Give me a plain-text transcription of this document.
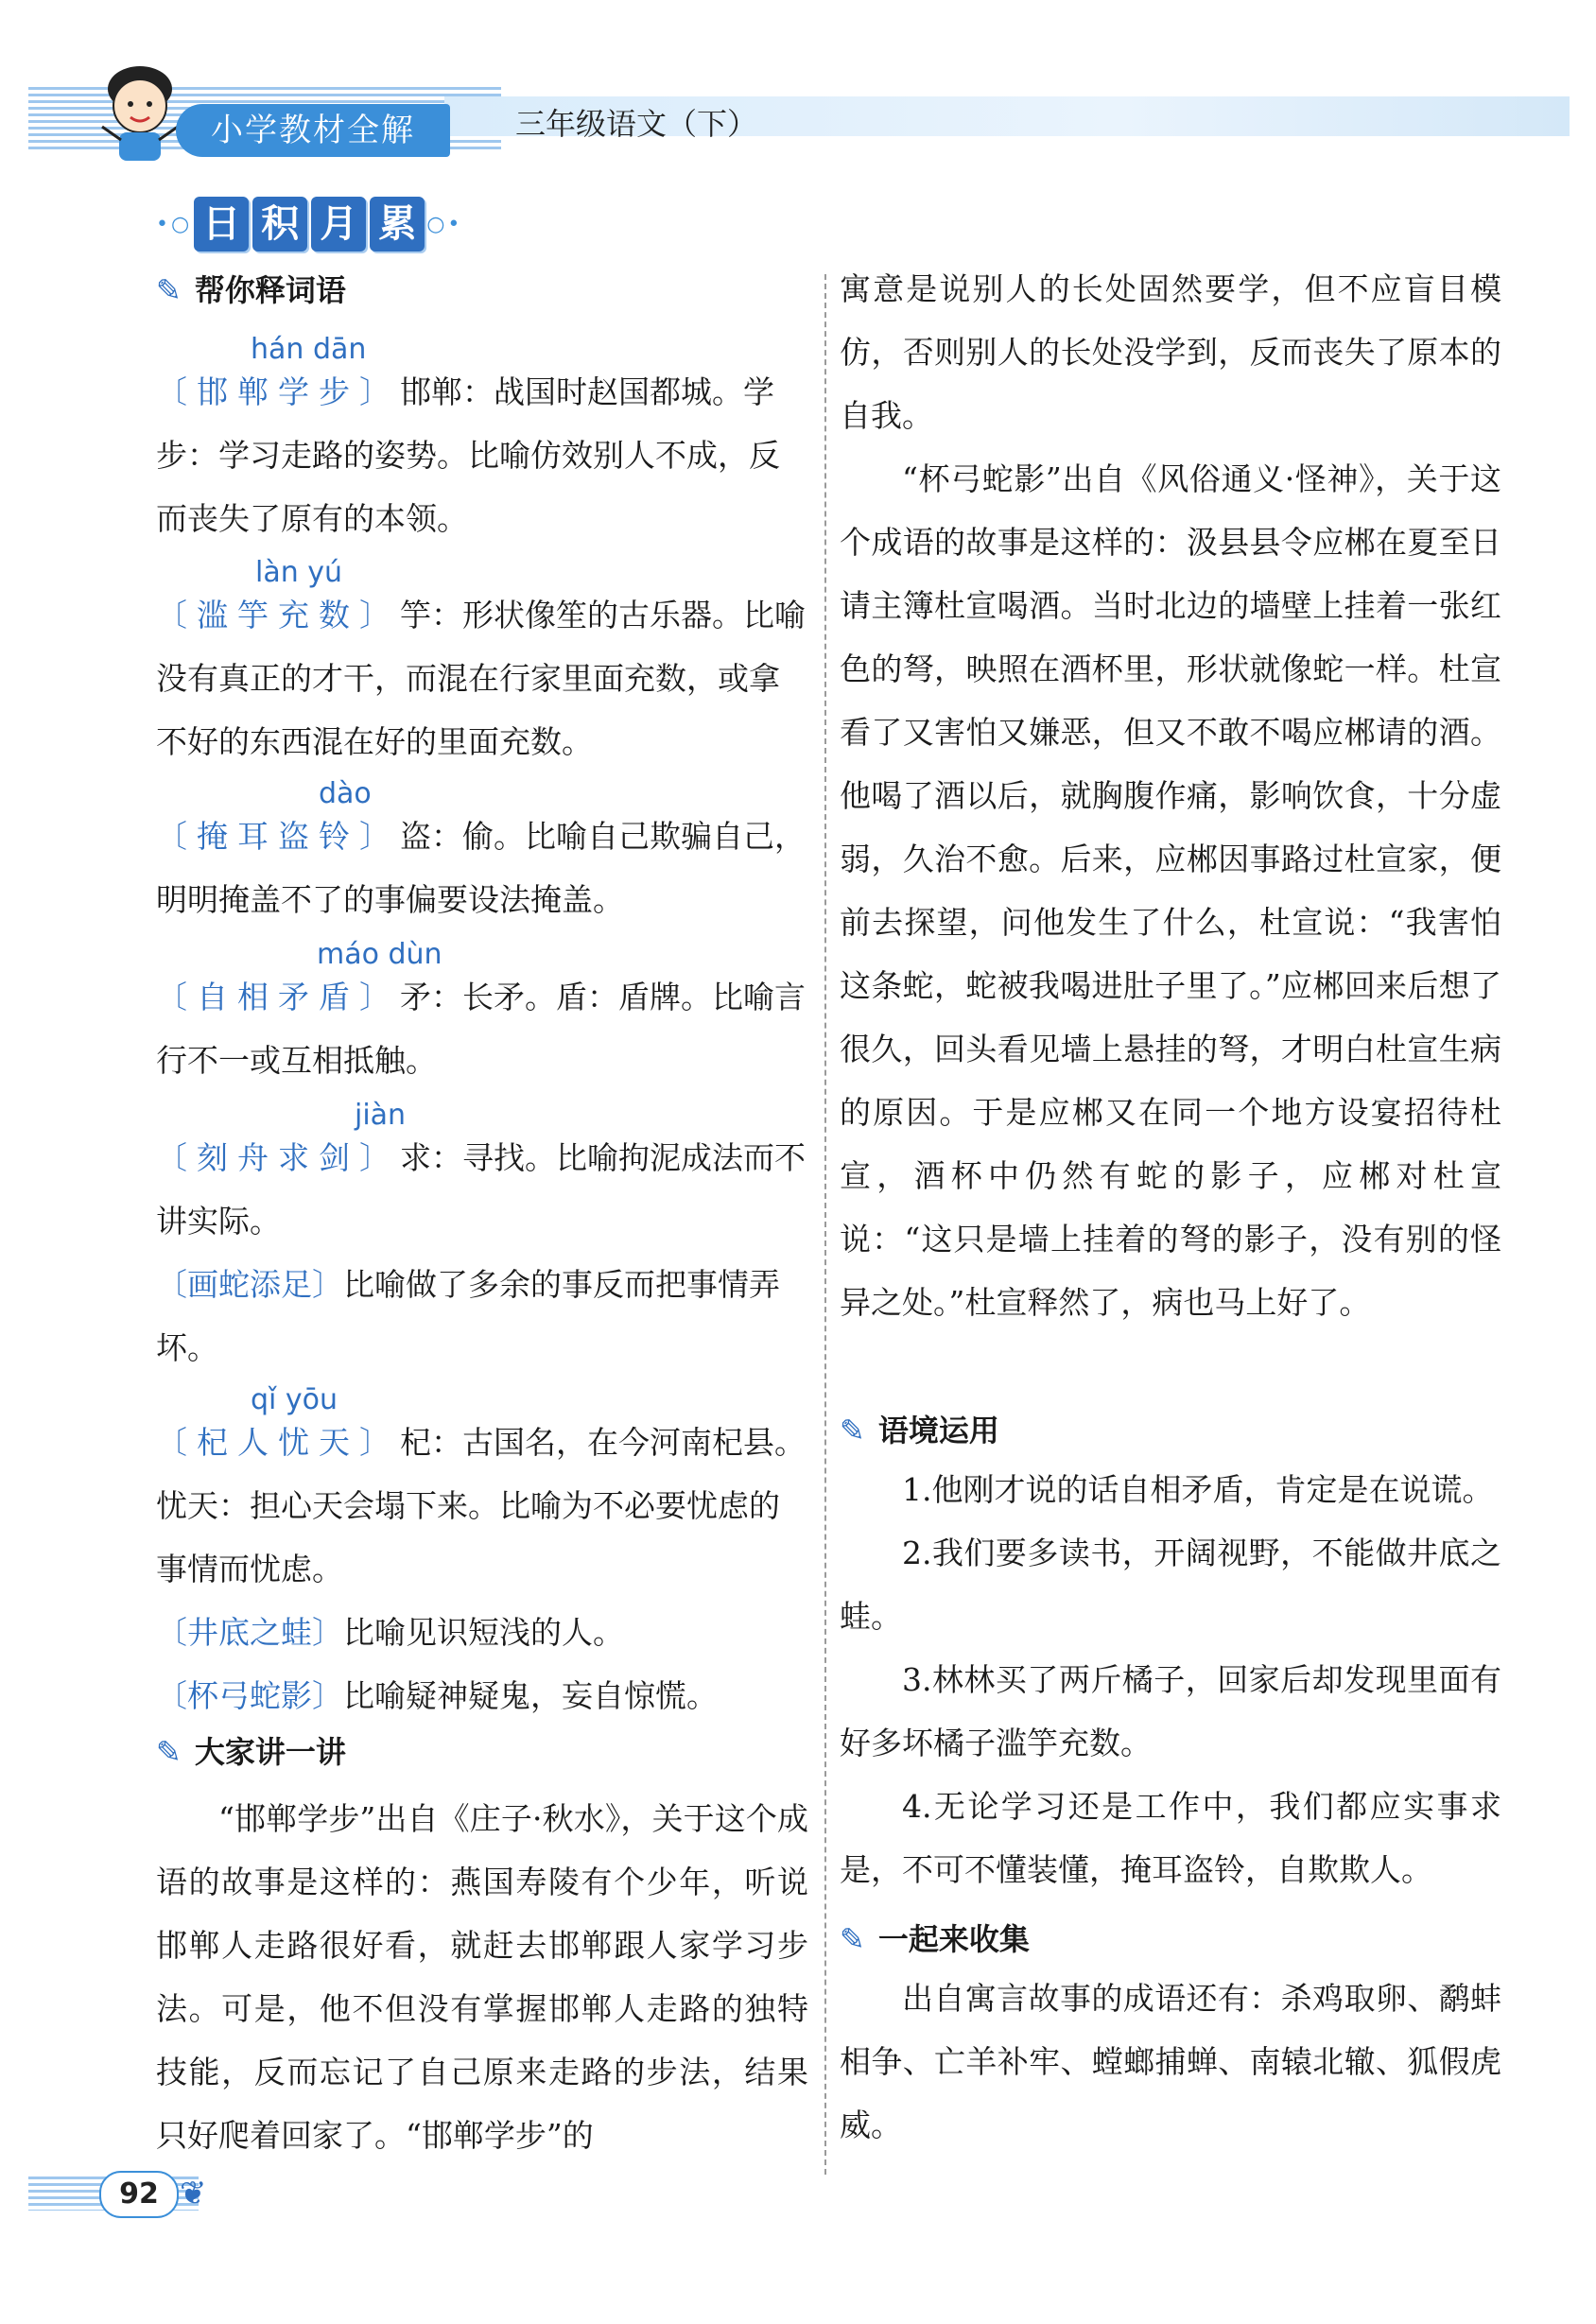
小学教材全解	三年级语文（下）
•○ 日 积 月 累 ○•
✎ 帮你释词语
hán dān
〔邯郸学步〕邯郸：战国时赵国都城。学步：学习走路的姿势。比喻仿效别人不成，反而丧失了原有的本领。
làn yú
〔滥竽充数〕竽：形状像笙的古乐器。比喻没有真正的才干，而混在行家里面充数，或拿不好的东西混在好的里面充数。
dào
〔掩耳盗铃〕盗：偷。比喻自己欺骗自己，明明掩盖不了的事偏要设法掩盖。
máo dùn
〔自相矛盾〕矛：长矛。盾：盾牌。比喻言行不一或互相抵触。
jiàn
〔刻舟求剑〕求：寻找。比喻拘泥成法而不讲实际。
〔画蛇添足〕比喻做了多余的事反而把事情弄坏。
qǐ yōu
〔杞人忧天〕杞：古国名，在今河南杞县。忧天：担心天会塌下来。比喻为不必要忧虑的事情而忧虑。
〔井底之蛙〕比喻见识短浅的人。
〔杯弓蛇影〕比喻疑神疑鬼，妄自惊慌。
✎ 大家讲一讲
“邯郸学步”出自《庄子·秋水》，关于这个成语的故事是这样的：燕国寿陵有个少年，听说邯郸人走路很好看，就赶去邯郸跟人家学习步法。可是，他不但没有掌握邯郸人走路的独特技能，反而忘记了自己原来走路的步法，结果只好爬着回家了。“邯郸学步”的
寓意是说别人的长处固然要学，但不应盲目模仿，否则别人的长处没学到，反而丧失了原本的自我。
“杯弓蛇影”出自《风俗通义·怪神》，关于这个成语的故事是这样的：汲县县令应郴在夏至日请主簿杜宣喝酒。当时北边的墙壁上挂着一张红色的弩，映照在酒杯里，形状就像蛇一样。杜宣看了又害怕又嫌恶，但又不敢不喝应郴请的酒。他喝了酒以后，就胸腹作痛，影响饮食，十分虚弱，久治不愈。后来，应郴因事路过杜宣家，便前去探望，问他发生了什么，杜宣说：“我害怕这条蛇，蛇被我喝进肚子里了。”应郴回来后想了很久，回头看见墙上悬挂的弩，才明白杜宣生病的原因。于是应郴又在同一个地方设宴招待杜宣，酒杯中仍然有蛇的影子，应郴对杜宣说：“这只是墙上挂着的弩的影子，没有别的怪异之处。”杜宣释然了，病也马上好了。
✎ 语境运用
1.他刚才说的话自相矛盾，肯定是在说谎。
2.我们要多读书，开阔视野，不能做井底之蛙。
3.林林买了两斤橘子，回家后却发现里面有好多坏橘子滥竽充数。
4.无论学习还是工作中，我们都应实事求是，不可不懂装懂，掩耳盗铃，自欺欺人。
✎ 一起来收集
出自寓言故事的成语还有：杀鸡取卵、鹬蚌相争、亡羊补牢、螳螂捕蝉、南辕北辙、狐假虎威。
92 ❦
